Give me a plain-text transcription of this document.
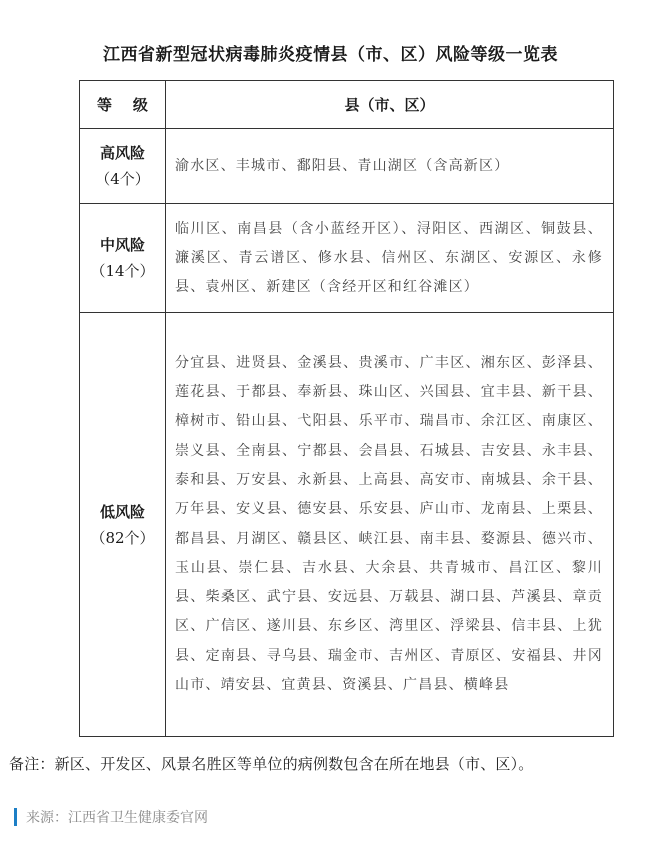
江西省新型冠状病毒肺炎疫情县（市、区）风险等级一览表
等    级	县（市、区）
高风险
（4个）	渝水区、丰城市、鄱阳县、青山湖区（含高新区）
中风险
（14个）	临川区、南昌县（含小蓝经开区）、浔阳区、西湖区、铜鼓县、濂溪区、青云谱区、修水县、信州区、东湖区、安源区、永修县、袁州区、新建区（含经开区和红谷滩区）
低风险
（82个）	分宜县、进贤县、金溪县、贵溪市、广丰区、湘东区、彭泽县、莲花县、于都县、奉新县、珠山区、兴国县、宜丰县、新干县、樟树市、铅山县、弋阳县、乐平市、瑞昌市、余江区、南康区、崇义县、全南县、宁都县、会昌县、石城县、吉安县、永丰县、泰和县、万安县、永新县、上高县、高安市、南城县、余干县、万年县、安义县、德安县、乐安县、庐山市、龙南县、上栗县、都昌县、月湖区、赣县区、峡江县、南丰县、婺源县、德兴市、玉山县、崇仁县、吉水县、大余县、共青城市、昌江区、黎川县、柴桑区、武宁县、安远县、万载县、湖口县、芦溪县、章贡区、广信区、遂川县、东乡区、湾里区、浮梁县、信丰县、上犹县、定南县、寻乌县、瑞金市、吉州区、青原区、安福县、井冈山市、靖安县、宜黄县、资溪县、广昌县、横峰县
备注：新区、开发区、风景名胜区等单位的病例数包含在所在地县（市、区）。
来源：江西省卫生健康委官网
